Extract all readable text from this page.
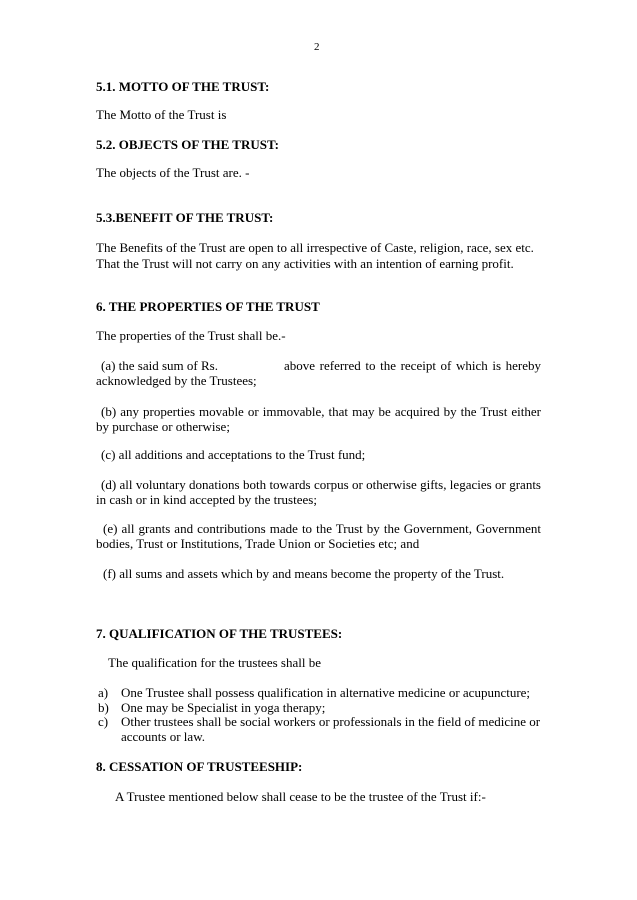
2
5.1. MOTTO OF THE TRUST:
The Motto of the Trust is
5.2. OBJECTS OF THE TRUST:
The objects of the Trust are. -
5.3.BENEFIT OF THE TRUST:
The Benefits of the Trust are open to all irrespective of Caste, religion, race, sex etc.
That the Trust will not carry on any activities with an intention of earning profit.
6. THE PROPERTIES OF THE TRUST
The properties of the Trust shall be.-
(a) the said sum of Rs.	above referred to the receipt of which is hereby
acknowledged by the Trustees;
(b) any properties movable or immovable, that may be acquired by the Trust either
by purchase or otherwise;
(c) all additions and acceptations to the Trust fund;
(d) all voluntary donations both towards corpus or otherwise gifts, legacies or grants
in cash or in kind accepted by the trustees;
(e) all grants and contributions made to the Trust by the Government, Government
bodies, Trust or Institutions, Trade Union or Societies etc; and
(f) all sums and assets which by and means become the property of the Trust.
7. QUALIFICATION OF THE TRUSTEES:
The qualification for the trustees shall be
a) One Trustee shall possess qualification in alternative medicine or acupuncture;
b) One may be Specialist in yoga therapy;
c) Other trustees shall be social workers or professionals in the field of medicine or
accounts or law.
8. CESSATION OF TRUSTEESHIP:
A Trustee mentioned below shall cease to be the trustee of the Trust if:-
